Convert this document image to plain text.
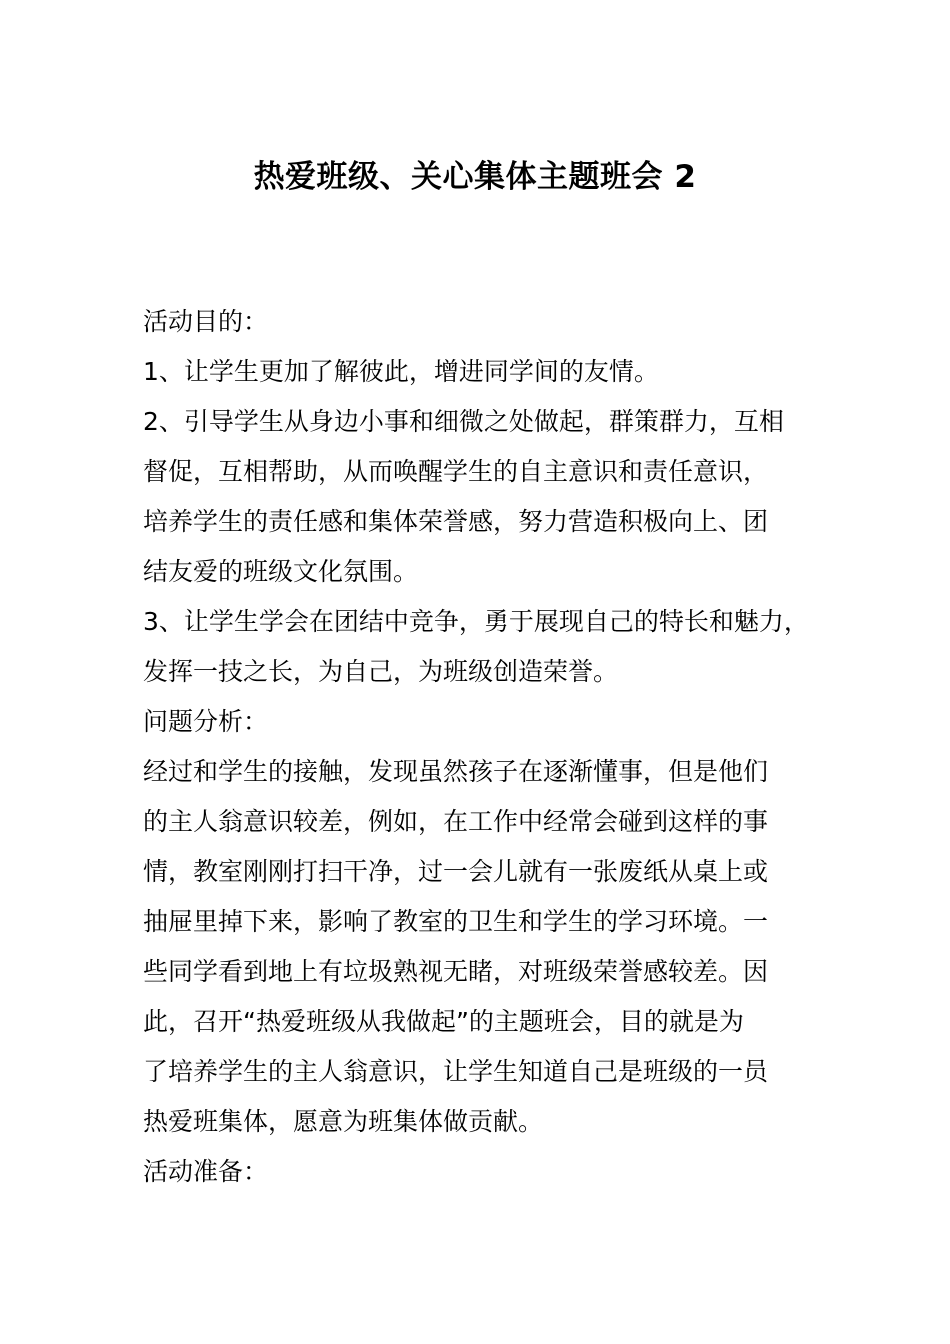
热爱班级、关心集体主题班会 2
活动目的：
1、让学生更加了解彼此，增进同学间的友情。
2、引导学生从身边小事和细微之处做起，群策群力，互相
督促，互相帮助，从而唤醒学生的自主意识和责任意识，
培养学生的责任感和集体荣誉感，努力营造积极向上、团
结友爱的班级文化氛围。
3、让学生学会在团结中竞争，勇于展现自己的特长和魅力，
发挥一技之长，为自己，为班级创造荣誉。
问题分析：
经过和学生的接触，发现虽然孩子在逐渐懂事，但是他们
的主人翁意识较差，例如，在工作中经常会碰到这样的事
情，教室刚刚打扫干净，过一会儿就有一张废纸从桌上或
抽屉里掉下来，影响了教室的卫生和学生的学习环境。一
些同学看到地上有垃圾熟视无睹，对班级荣誉感较差。因
此，召开“热爱班级从我做起”的主题班会，目的就是为
了培养学生的主人翁意识，让学生知道自己是班级的一员
热爱班集体，愿意为班集体做贡献。
活动准备：
